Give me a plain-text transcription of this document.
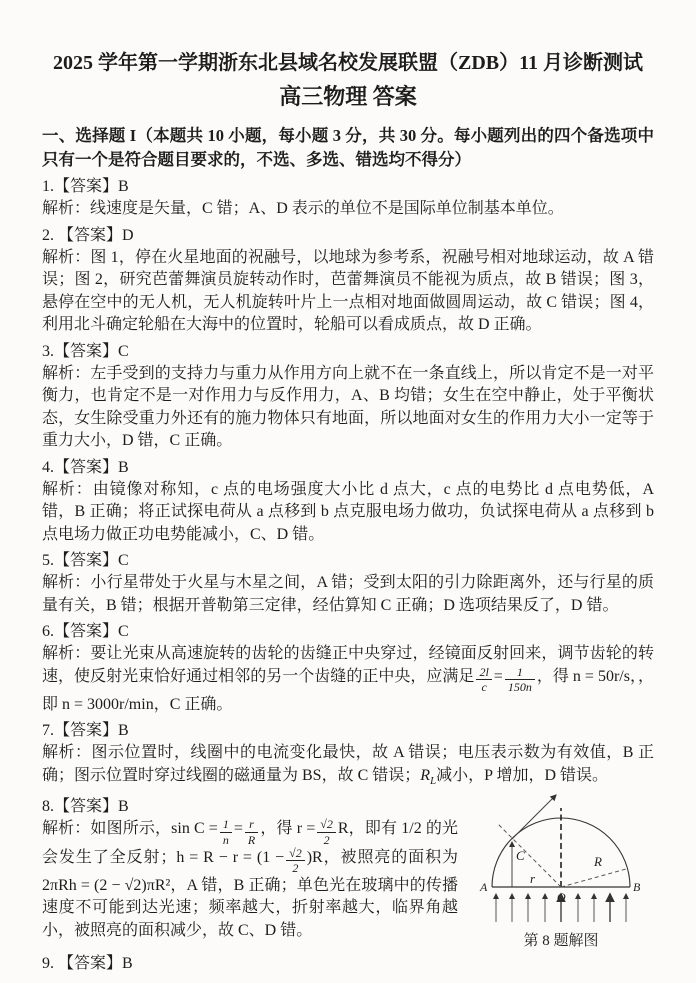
2025 学年第一学期浙东北县域名校发展联盟（ZDB）11 月诊断测试
高三物理 答案

一、选择题 I（本题共 10 小题，每小题 3 分，共 30 分。每小题列出的四个备选项中只有一个是符合题目要求的，不选、多选、错选均不得分）

1.【答案】B

解析：线速度是矢量，C 错；A、D 表示的单位不是国际单位制基本单位。

2. 【答案】D

解析：图 1，停在火星地面的祝融号，以地球为参考系，祝融号相对地球运动，故 A 错误；图 2，研究芭蕾舞演员旋转动作时，芭蕾舞演员不能视为质点，故 B 错误；图 3，悬停在空中的无人机，无人机旋转叶片上一点相对地面做圆周运动，故 C 错误；图 4，利用北斗确定轮船在大海中的位置时，轮船可以看成质点，故 D 正确。

3.【答案】C

解析：左手受到的支持力与重力从作用方向上就不在一条直线上，所以肯定不是一对平衡力，也肯定不是一对作用力与反作用力，A、B 均错；女生在空中静止，处于平衡状态，女生除受重力外还有的施力物体只有地面，所以地面对女生的作用力大小一定等于重力大小，D 错，C 正确。

4.【答案】B

解析：由镜像对称知，c 点的电场强度大小比 d 点大，c 点的电势比 d 点电势低，A 错，B 正确；将正试探电荷从 a 点移到 b 点克服电场力做功，负试探电荷从 a 点移到 b 点电场力做正功电势能减小，C、D 错。

5.【答案】C

解析：小行星带处于火星与木星之间，A 错；受到太阳的引力除距离外，还与行星的质量有关，B 错；根据开普勒第三定律，经估算知 C 正确；D 选项结果反了，D 错。

6.【答案】C

解析：要让光束从高速旋转的齿轮的齿缝正中央穿过，经镜面反射回来，调节齿轮的转速，使反射光束恰好通过相邻的另一个齿缝的正中央，应满足 $\frac{2l}{c} = \frac{1}{150n}$ ，得 n = 50r/s，，即 n = 3000r/min，C 正确。

7.【答案】B

解析：图示位置时，线圈中的电流变化最快，故 A 错误；电压表示数为有效值，B 正确；图示位置时穿过线圈的磁通量为 BS，故 C 错误；$R_L$减小，P 增加，D 错误。

A	B
O
C
r
R
第 8 题解图
8.【答案】B

解析：如图所示，$\sin C = \frac{1}{n} = \frac{r}{R}$ ，得 $r = \frac{√2}{2}$ R，即有 1/2 的光会发生了全反射；$h = R - r = (1 - \frac{√2}{2} )R$，被照亮的面积为 2πRh = (2 − √2)πR²，A 错，B 正确；单色光在玻璃中的传播速度不可能到达光速；频率越大，折射率越大，临界角越小，被照亮的面积减少，故 C、D 错。

9. 【答案】B
